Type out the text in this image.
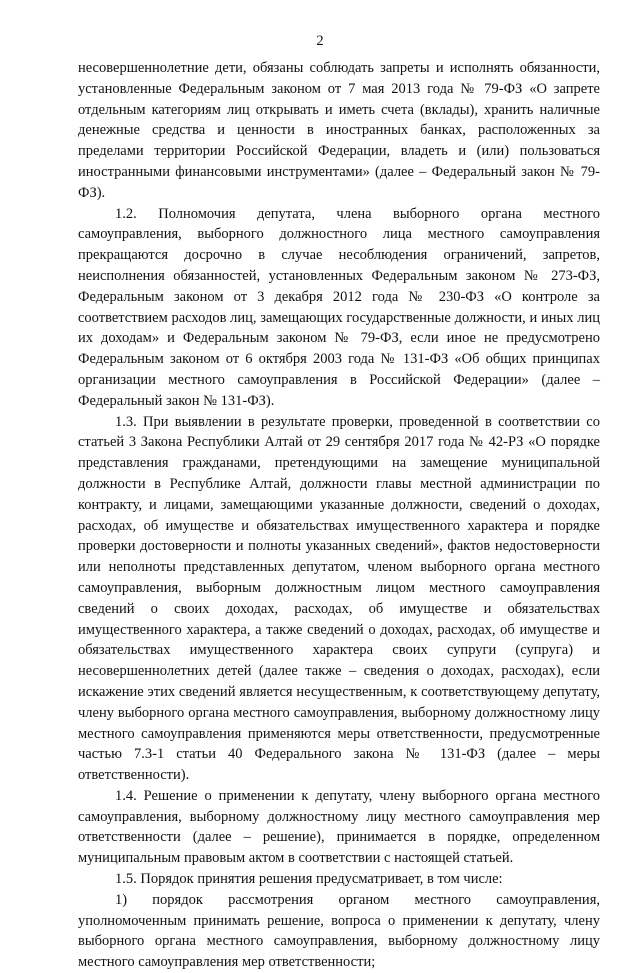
2

несовершеннолетние дети, обязаны соблюдать запреты и исполнять обязанности, установленные Федеральным законом от 7 мая 2013 года № 79-ФЗ «О запрете отдельным категориям лиц открывать и иметь счета (вклады), хранить наличные денежные средства и ценности в иностранных банках, расположенных за пределами территории Российской Федерации, владеть и (или) пользоваться иностранными финансовыми инструментами» (далее – Федеральный закон № 79-ФЗ).

1.2. Полномочия депутата, члена выборного органа местного самоуправления, выборного должностного лица местного самоуправления прекращаются досрочно в случае несоблюдения ограничений, запретов, неисполнения обязанностей, установленных Федеральным законом № 273-ФЗ, Федеральным законом от 3 декабря 2012 года № 230-ФЗ «О контроле за соответствием расходов лиц, замещающих государственные должности, и иных лиц их доходам» и Федеральным законом № 79-ФЗ, если иное не предусмотрено Федеральным законом от 6 октября 2003 года № 131-ФЗ «Об общих принципах организации местного самоуправления в Российской Федерации» (далее – Федеральный закон № 131-ФЗ).

1.3. При выявлении в результате проверки, проведенной в соответствии со статьей 3 Закона Республики Алтай от 29 сентября 2017 года № 42-РЗ «О порядке представления гражданами, претендующими на замещение муниципальной должности в Республике Алтай, должности главы местной администрации по контракту, и лицами, замещающими указанные должности, сведений о доходах, расходах, об имуществе и обязательствах имущественного характера и порядке проверки достоверности и полноты указанных сведений», фактов недостоверности или неполноты представленных депутатом, членом выборного органа местного самоуправления, выборным должностным лицом местного самоуправления сведений о своих доходах, расходах, об имуществе и обязательствах имущественного характера, а также сведений о доходах, расходах, об имуществе и обязательствах имущественного характера своих супруги (супруга) и несовершеннолетних детей (далее также – сведения о доходах, расходах), если искажение этих сведений является несущественным, к соответствующему депутату, члену выборного органа местного самоуправления, выборному должностному лицу местного самоуправления применяются меры ответственности, предусмотренные частью 7.3-1 статьи 40 Федерального закона № 131-ФЗ (далее – меры ответственности).

1.4. Решение о применении к депутату, члену выборного органа местного самоуправления, выборному должностному лицу местного самоуправления мер ответственности (далее – решение), принимается в порядке, определенном муниципальным правовым актом в соответствии с настоящей статьей.

1.5. Порядок принятия решения предусматривает, в том числе:

1) порядок рассмотрения органом местного самоуправления, уполномоченным принимать решение, вопроса о применении к депутату, члену выборного органа местного самоуправления, выборному должностному лицу местного самоуправления мер ответственности;
